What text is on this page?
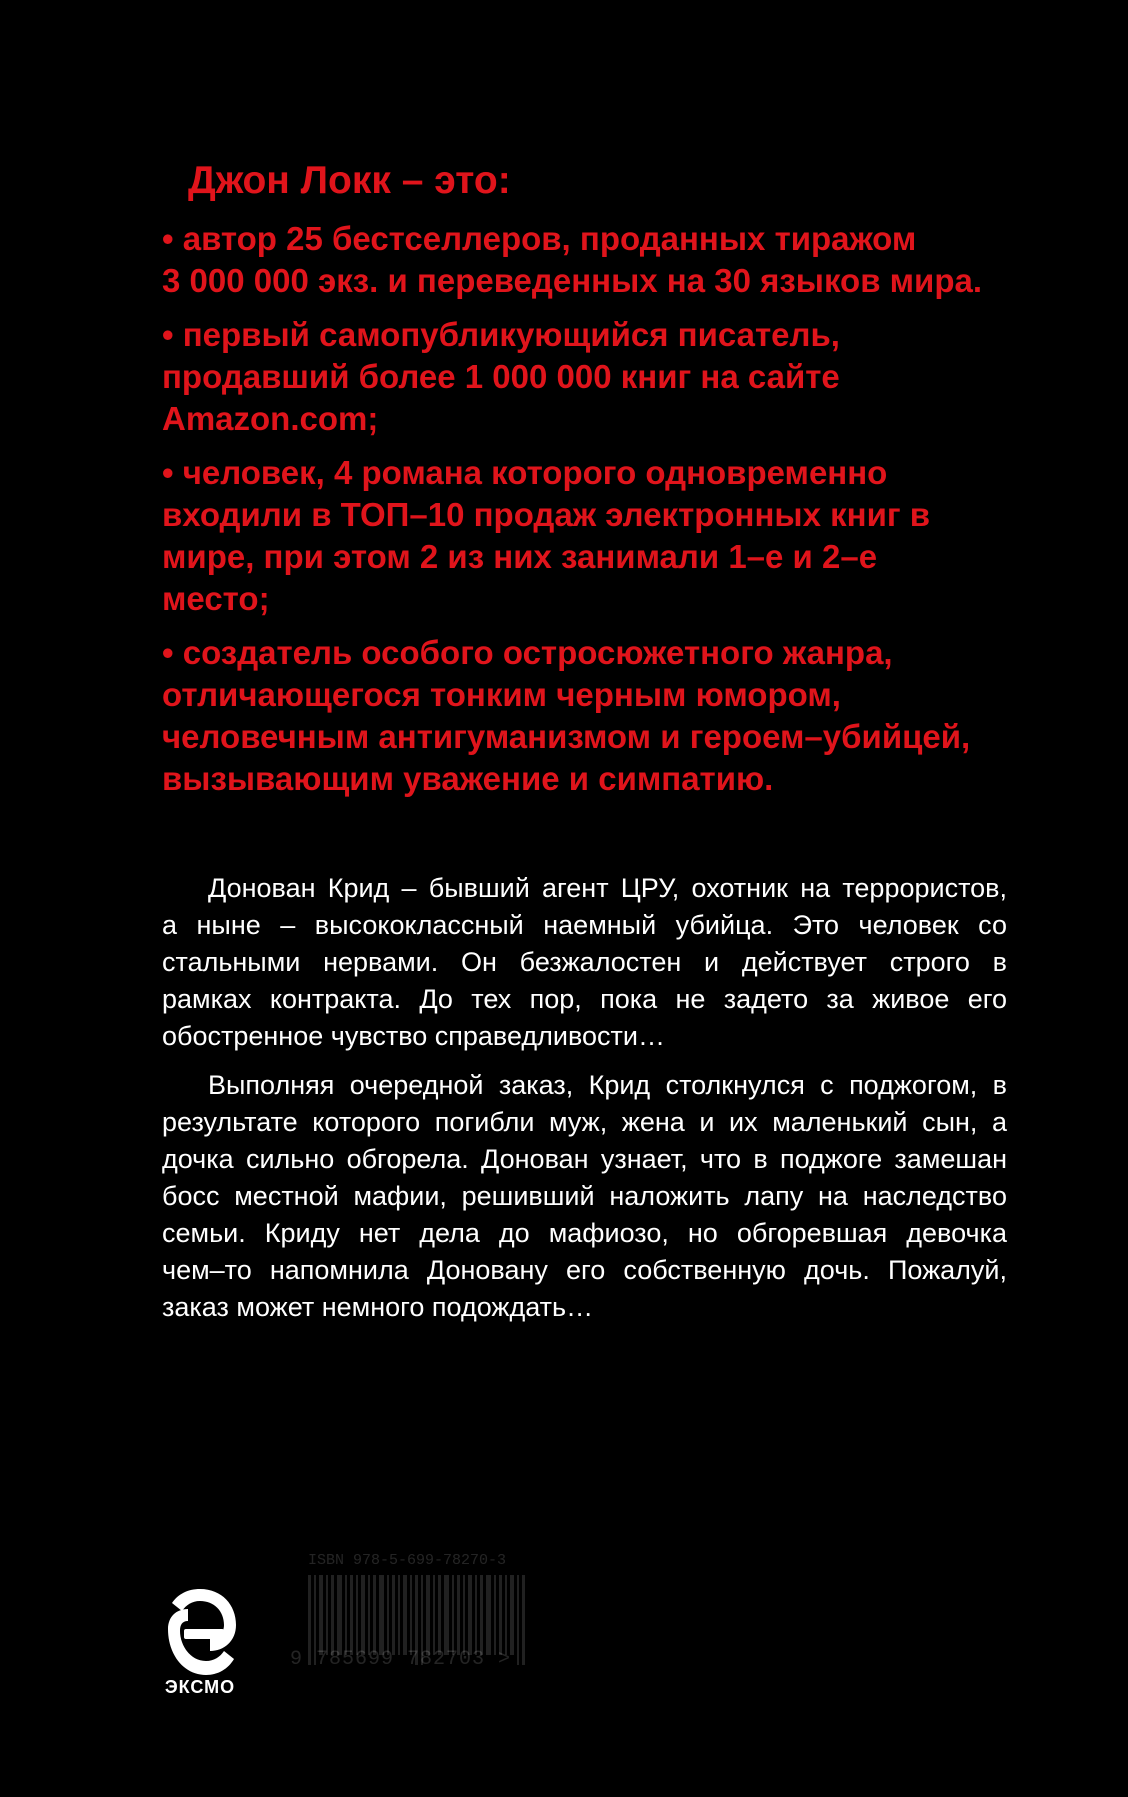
Джон Локк – это:
• автор 25 бестселлеров, проданных тиражом
3 000 000 экз. и переведенных на 30 языков мира.
• первый самопубликующийся писатель,
продавший более 1 000 000 книг на сайте
Amazon.com;
• человек, 4 романа которого одновременно
входили в ТОП–10 продаж электронных книг в
мире, при этом 2 из них занимали 1–е и 2–е
место;
• создатель особого остросюжетного жанра,
отличающегося тонким черным юмором,
человечным антигуманизмом и героем–убийцей,
вызывающим уважение и симпатию.
Донован Крид – бывший агент ЦРУ, охотник на террористов,
а ныне – высококлассный наемный убийца. Это человек со
стальными нервами. Он безжалостен и действует строго в
рамках контракта. До тех пор, пока не задето за живое его
обостренное чувство справедливости…
Выполняя очередной заказ, Крид столкнулся с поджогом, в
результате которого погибли муж, жена и их маленький сын, а
дочка сильно обгорела. Донован узнает, что в поджоге замешан
босс местной мафии, решивший наложить лапу на наследство
семьи. Криду нет дела до мафиозо, но обгоревшая девочка
чем–то напомнила Доновану его собственную дочь. Пожалуй,
заказ может немного подождать…
ЭКСМО
ISBN 978-5-699-78270-3
9 785699 782703 >
